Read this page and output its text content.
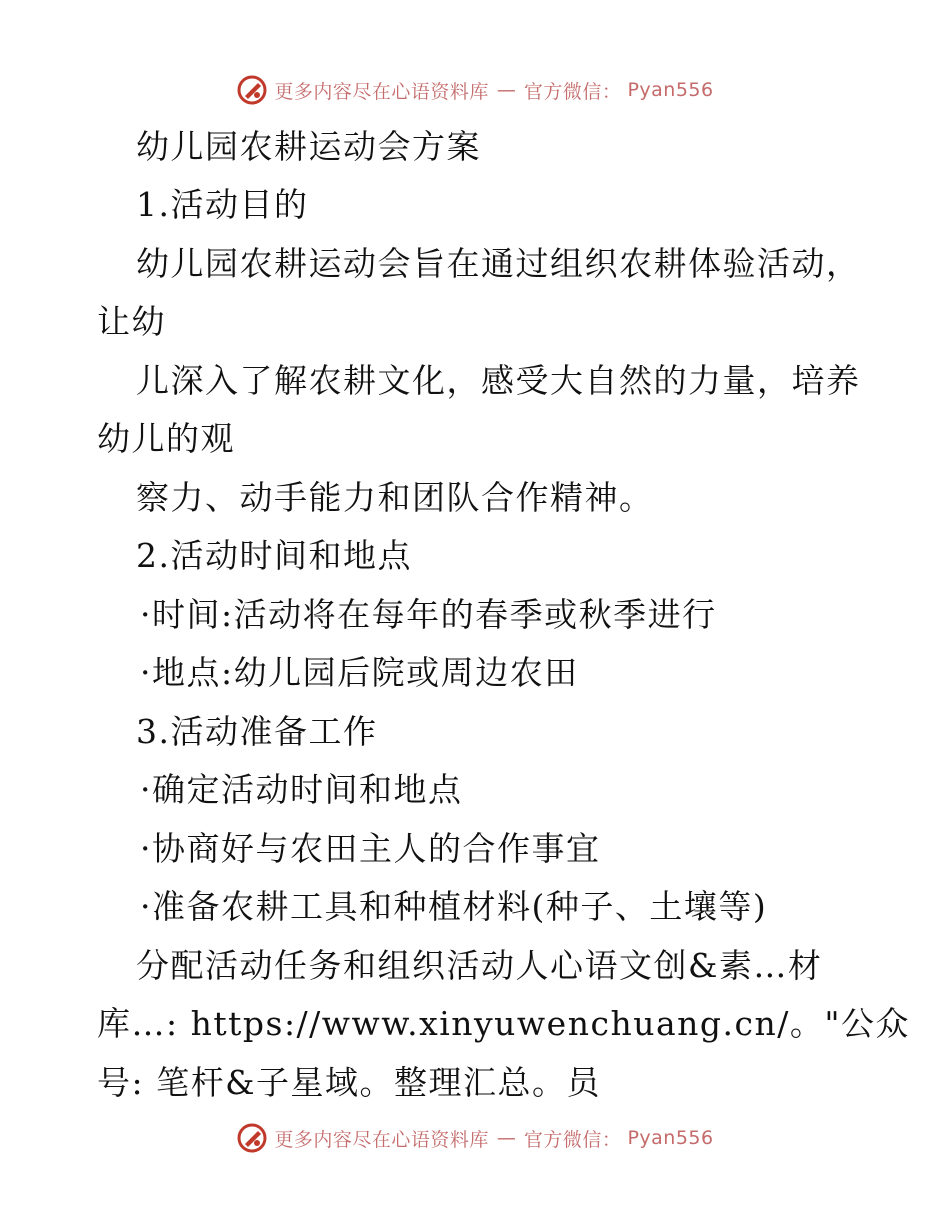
更多内容尽在心语资料库 — 官方微信： Pyan556
幼儿园农耕运动会方案
1.活动目的
幼儿园农耕运动会旨在通过组织农耕体验活动，
让幼
儿深入了解农耕文化，感受大自然的力量，培养
幼儿的观
察力、动手能力和团队合作精神。
2.活动时间和地点
·时间:活动将在每年的春季或秋季进行
·地点:幼儿园后院或周边农田
3.活动准备工作
·确定活动时间和地点
·协商好与农田主人的合作事宜
·准备农耕工具和种植材料(种子、土壤等)
分配活动任务和组织活动人心语文创&素…材
库…: https://www.xinyuwenchuang.cn/。"公众
号: 笔杆&子星域。整理汇总。员
更多内容尽在心语资料库 — 官方微信： Pyan556
